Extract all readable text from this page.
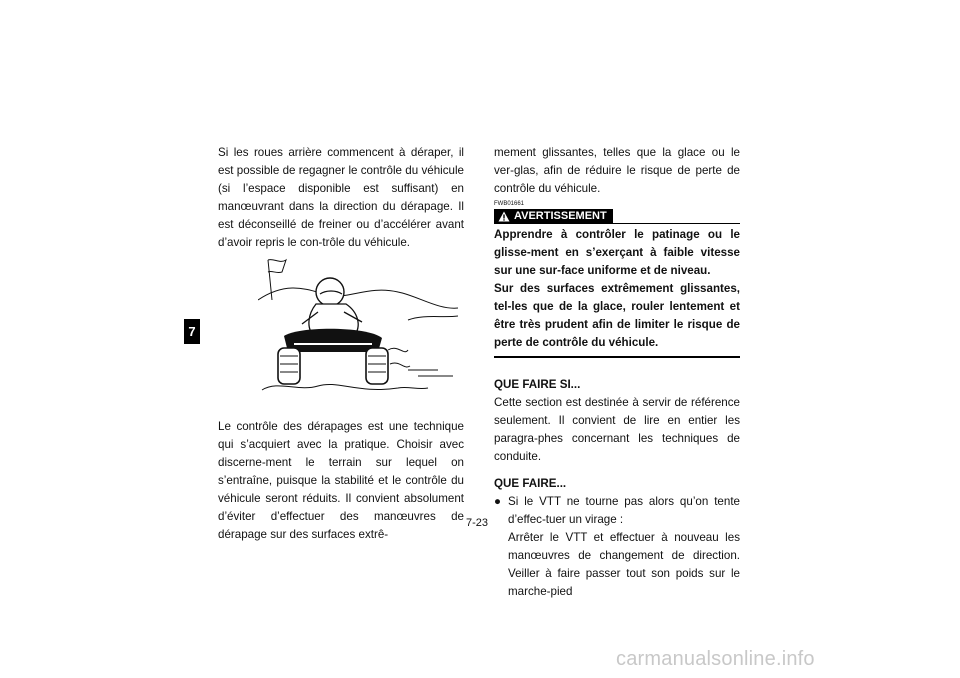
7

Si les roues arrière commencent à déraper, il est possible de regagner le contrôle du véhicule (si l’espace disponible est suffisant) en manœuvrant dans la direction du dérapage. Il est déconseillé de freiner ou d’accélérer avant d’avoir repris le con-trôle du véhicule.

Le contrôle des dérapages est une technique qui s’acquiert avec la pratique. Choisir avec discerne-ment le terrain sur lequel on s’entraîne, puisque la stabilité et le contrôle du véhicule seront réduits. Il convient absolument d’éviter d’effectuer des manœuvres de dérapage sur des surfaces extrê-

mement glissantes, telles que la glace ou le ver-glas, afin de réduire le risque de perte de contrôle du véhicule.

FWB01661
AVERTISSEMENT

Apprendre à contrôler le patinage ou le glisse-ment en s’exerçant à faible vitesse sur une sur-face uniforme et de niveau.

Sur des surfaces extrêmement glissantes, tel-les que de la glace, rouler lentement et être très prudent afin de limiter le risque de perte de contrôle du véhicule.

QUE FAIRE SI...

Cette section est destinée à servir de référence seulement. Il convient de lire en entier les paragra-phes concernant les techniques de conduite.

QUE FAIRE...

● Si le VTT ne tourne pas alors qu’on tente d’effec-tuer un virage :

Arrêter le VTT et effectuer à nouveau les manœuvres de changement de direction. Veiller à faire passer tout son poids sur le marche-pied

7-23
carmanualsonline.info
